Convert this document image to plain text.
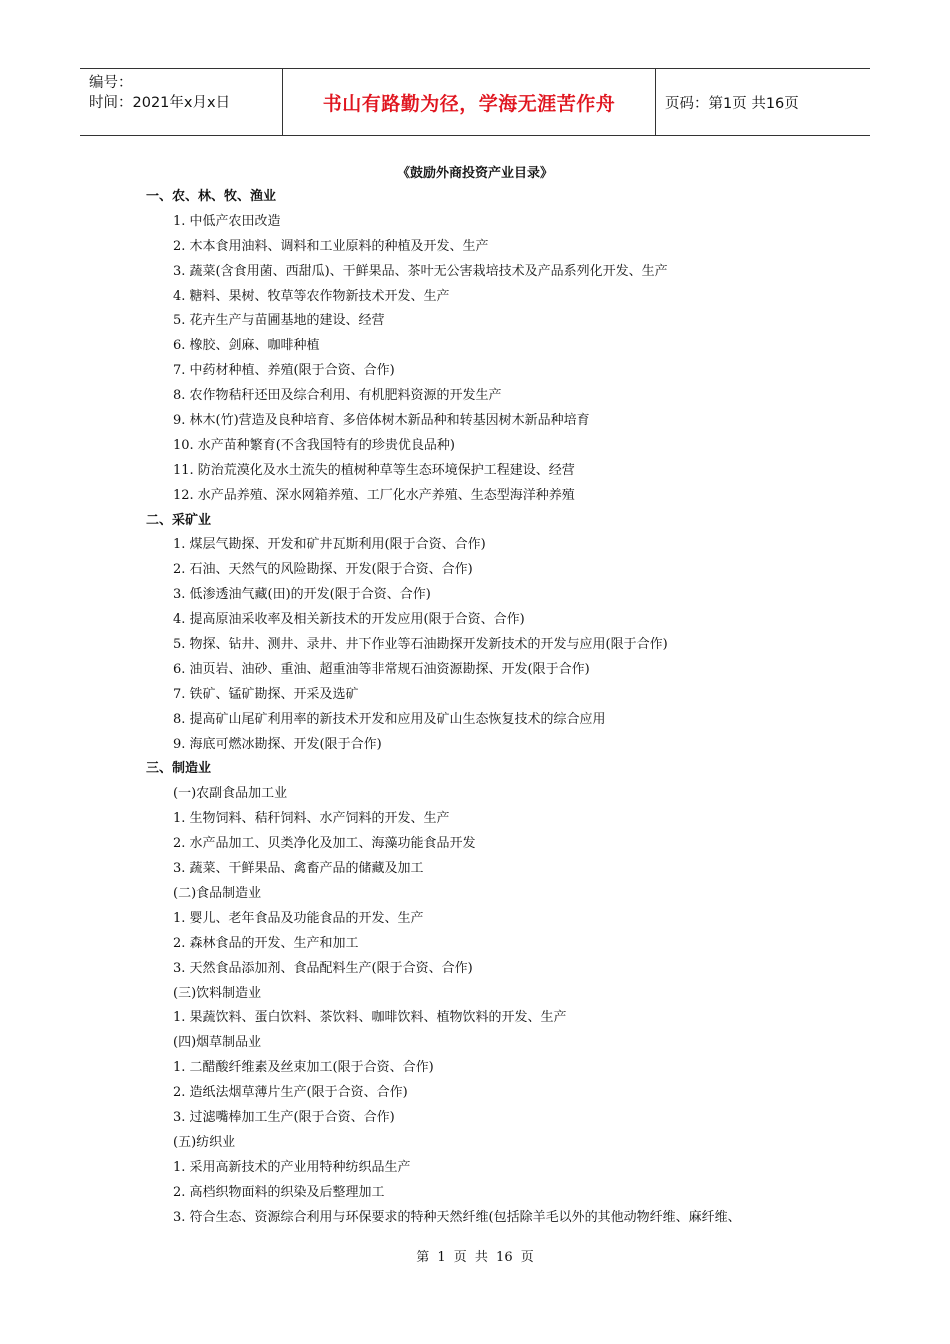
编号：
时间：2021年x月x日	书山有路勤为径，学海无涯苦作舟	页码：第1页 共16页
《鼓励外商投资产业目录》
一、农、林、牧、渔业
1. 中低产农田改造
2. 木本食用油料、调料和工业原料的种植及开发、生产
3. 蔬菜(含食用菌、西甜瓜)、干鲜果品、茶叶无公害栽培技术及产品系列化开发、生产
4. 糖料、果树、牧草等农作物新技术开发、生产
5. 花卉生产与苗圃基地的建设、经营
6. 橡胶、剑麻、咖啡种植
7. 中药材种植、养殖(限于合资、合作)
8. 农作物秸秆还田及综合利用、有机肥料资源的开发生产
9. 林木(竹)营造及良种培育、多倍体树木新品种和转基因树木新品种培育
10. 水产苗种繁育(不含我国特有的珍贵优良品种)
11. 防治荒漠化及水土流失的植树种草等生态环境保护工程建设、经营
12. 水产品养殖、深水网箱养殖、工厂化水产养殖、生态型海洋种养殖
二、采矿业
1. 煤层气勘探、开发和矿井瓦斯利用(限于合资、合作)
2. 石油、天然气的风险勘探、开发(限于合资、合作)
3. 低渗透油气藏(田)的开发(限于合资、合作)
4. 提高原油采收率及相关新技术的开发应用(限于合资、合作)
5. 物探、钻井、测井、录井、井下作业等石油勘探开发新技术的开发与应用(限于合作)
6. 油页岩、油砂、重油、超重油等非常规石油资源勘探、开发(限于合作)
7. 铁矿、锰矿勘探、开采及选矿
8. 提高矿山尾矿利用率的新技术开发和应用及矿山生态恢复技术的综合应用
9. 海底可燃冰勘探、开发(限于合作)
三、制造业
(一)农副食品加工业
1. 生物饲料、秸秆饲料、水产饲料的开发、生产
2. 水产品加工、贝类净化及加工、海藻功能食品开发
3. 蔬菜、干鲜果品、禽畜产品的储藏及加工
(二)食品制造业
1. 婴儿、老年食品及功能食品的开发、生产
2. 森林食品的开发、生产和加工
3. 天然食品添加剂、食品配料生产(限于合资、合作)
(三)饮料制造业
1. 果蔬饮料、蛋白饮料、茶饮料、咖啡饮料、植物饮料的开发、生产
(四)烟草制品业
1. 二醋酸纤维素及丝束加工(限于合资、合作)
2. 造纸法烟草薄片生产(限于合资、合作)
3. 过滤嘴棒加工生产(限于合资、合作)
(五)纺织业
1. 采用高新技术的产业用特种纺织品生产
2. 高档织物面料的织染及后整理加工
3. 符合生态、资源综合利用与环保要求的特种天然纤维(包括除羊毛以外的其他动物纤维、麻纤维、
第 1 页 共 16 页
